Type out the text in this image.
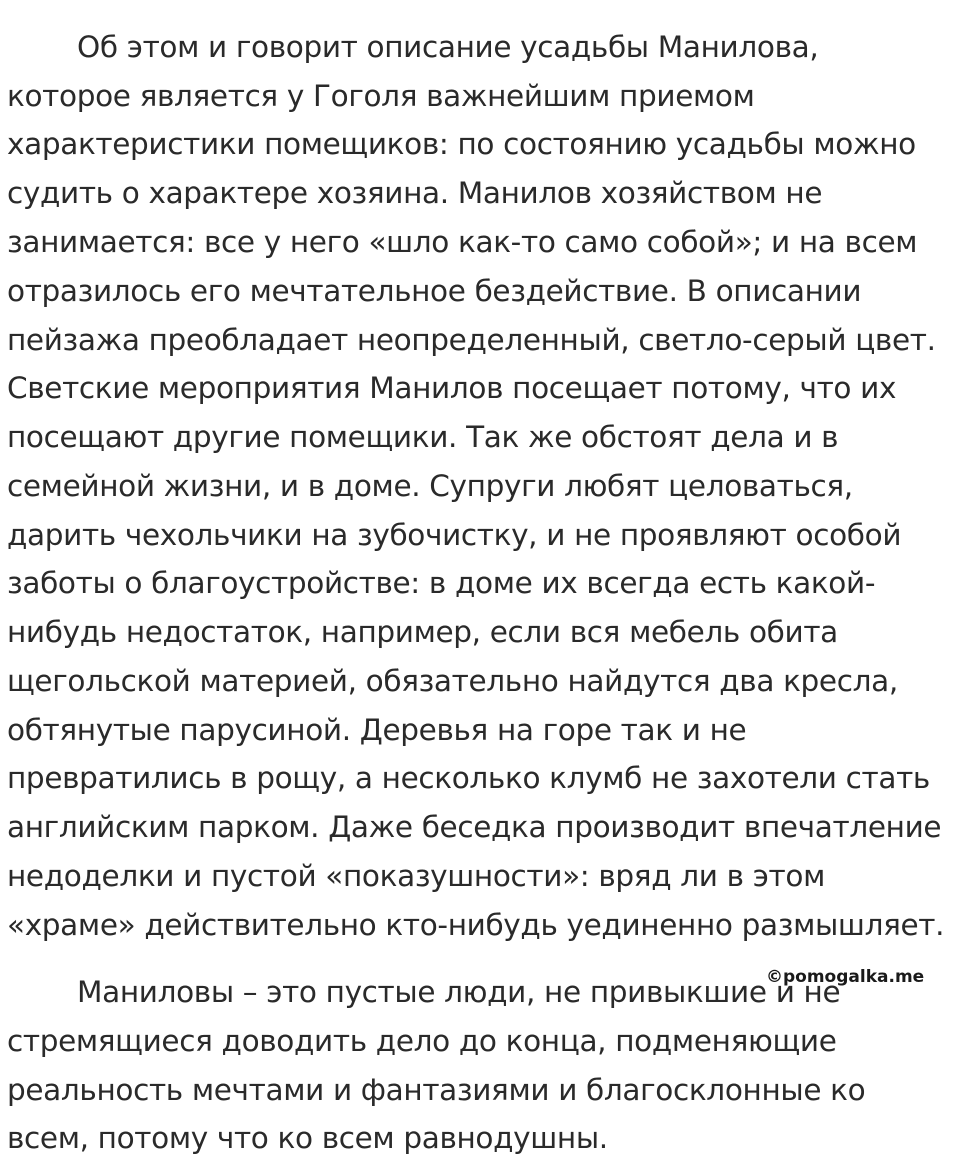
Об этом и говорит описание усадьбы Манилова,

которое является у Гоголя важнейшим приемом

характеристики помещиков: по состоянию усадьбы можно

судить о характере хозяина. Манилов хозяйством не

занимается: все у него «шло как-то само собой»; и на всем

отразилось его мечтательное бездействие. В описании

пейзажа преобладает неопределенный, светло-серый цвет.

Светские мероприятия Манилов посещает потому, что их

посещают другие помещики. Так же обстоят дела и в

семейной жизни, и в доме. Супруги любят целоваться,

дарить чехольчики на зубочистку, и не проявляют особой

заботы о благоустройстве: в доме их всегда есть какой-

нибудь недостаток, например, если вся мебель обита

щегольской материей, обязательно найдутся два кресла,

обтянутые парусиной. Деревья на горе так и не

превратились в рощу, а несколько клумб не захотели стать

английским парком. Даже беседка производит впечатление

недоделки и пустой «показушности»: вряд ли в этом

«храме» действительно кто-нибудь уединенно размышляет.

©pomogalka.me

Маниловы – это пустые люди, не привыкшие и не

стремящиеся доводить дело до конца, подменяющие

реальность мечтами и фантазиями и благосклонные ко

всем, потому что ко всем равнодушны.
